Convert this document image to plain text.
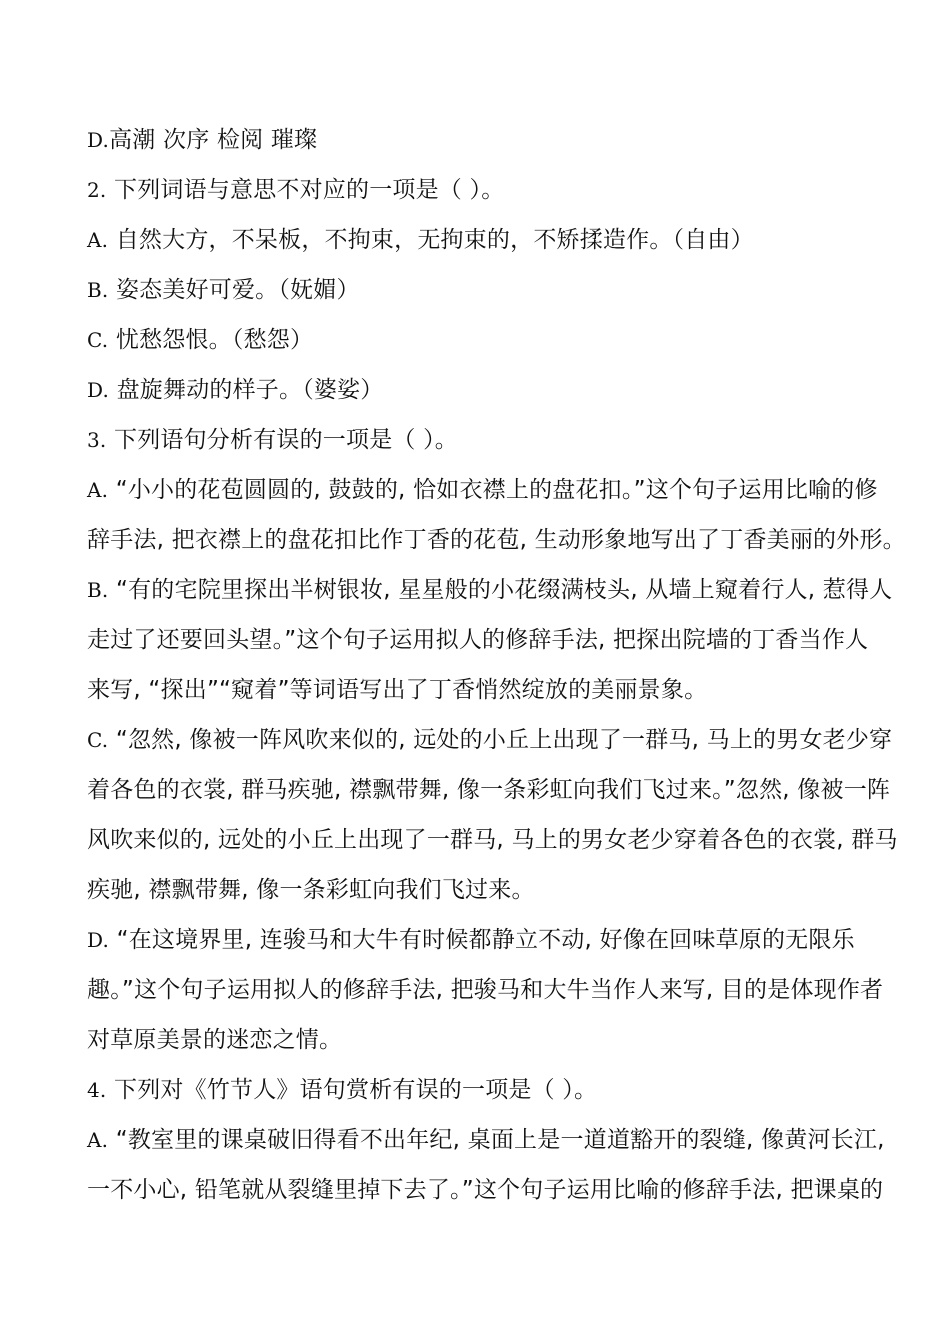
D.高潮 次序 检阅 璀璨
2. 下列词语与意思不对应的一项是（ ）。
A. 自然大方，不呆板，不拘束，无拘束的，不矫揉造作。（自由）
B. 姿态美好可爱。（妩媚）
C. 忧愁怨恨。（愁怨）
D. 盘旋舞动的样子。（婆娑）
3. 下列语句分析有误的一项是（ ）。
A. “小小的花苞圆圆的, 鼓鼓的, 恰如衣襟上的盘花扣。”这个句子运用比喻的修
辞手法, 把衣襟上的盘花扣比作丁香的花苞, 生动形象地写出了丁香美丽的外形。
B. “有的宅院里探出半树银妆, 星星般的小花缀满枝头, 从墙上窥着行人, 惹得人
走过了还要回头望。”这个句子运用拟人的修辞手法, 把探出院墙的丁香当作人
来写, “探出”“窥着”等词语写出了丁香悄然绽放的美丽景象。
C. “忽然, 像被一阵风吹来似的, 远处的小丘上出现了一群马, 马上的男女老少穿
着各色的衣裳, 群马疾驰, 襟飘带舞, 像一条彩虹向我们飞过来。”忽然, 像被一阵
风吹来似的, 远处的小丘上出现了一群马, 马上的男女老少穿着各色的衣裳, 群马
疾驰, 襟飘带舞, 像一条彩虹向我们飞过来。
D. “在这境界里, 连骏马和大牛有时候都静立不动, 好像在回味草原的无限乐
趣。”这个句子运用拟人的修辞手法, 把骏马和大牛当作人来写, 目的是体现作者
对草原美景的迷恋之情。
4. 下列对《竹节人》语句赏析有误的一项是（ ）。
A. “教室里的课桌破旧得看不出年纪, 桌面上是一道道豁开的裂缝, 像黄河长江,
一不小心, 铅笔就从裂缝里掉下去了。”这个句子运用比喻的修辞手法, 把课桌的
